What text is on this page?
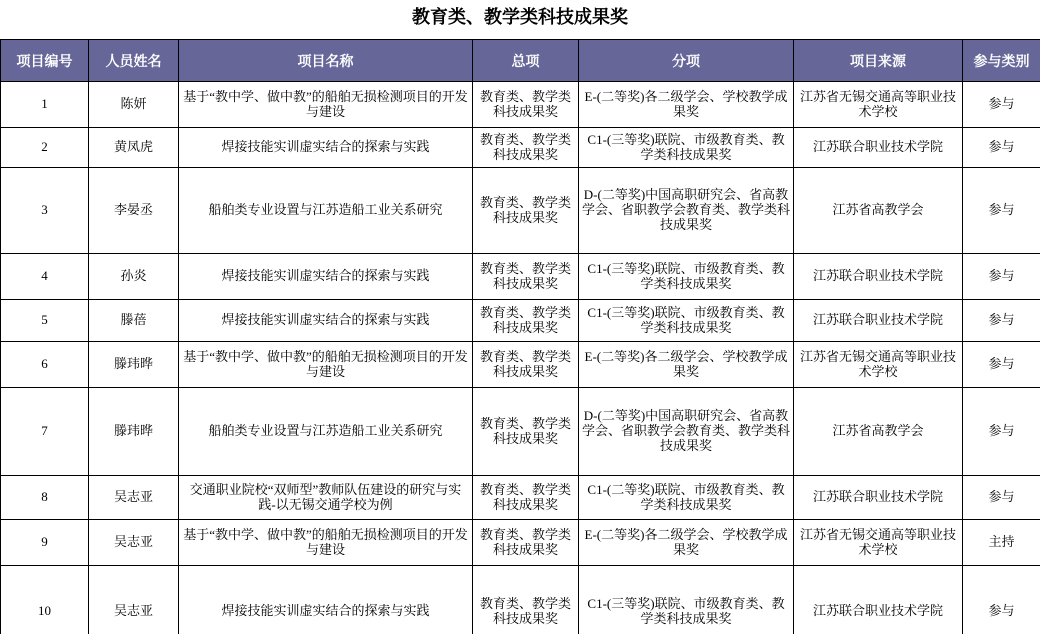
教育类、教学类科技成果奖
项目编号	人员姓名	项目名称	总项	分项	项目来源	参与类别
1	陈妍	基于“教中学、做中教”的船舶无损检测项目的开发与建设	教育类、教学类科技成果奖	E-(二等奖)各二级学会、学校教学成果奖	江苏省无锡交通高等职业技术学校	参与
2	黄凤虎	焊接技能实训虚实结合的探索与实践	教育类、教学类科技成果奖	C1-(三等奖)联院、市级教育类、教学类科技成果奖	江苏联合职业技术学院	参与
3	李晏丞	船舶类专业设置与江苏造船工业关系研究	教育类、教学类科技成果奖	D-(二等奖)中国高职研究会、省高教学会、省职教学会教育类、教学类科技成果奖	江苏省高教学会	参与
4	孙炎	焊接技能实训虚实结合的探索与实践	教育类、教学类科技成果奖	C1-(三等奖)联院、市级教育类、教学类科技成果奖	江苏联合职业技术学院	参与
5	滕蓓	焊接技能实训虚实结合的探索与实践	教育类、教学类科技成果奖	C1-(三等奖)联院、市级教育类、教学类科技成果奖	江苏联合职业技术学院	参与
6	滕玮晔	基于“教中学、做中教”的船舶无损检测项目的开发与建设	教育类、教学类科技成果奖	E-(二等奖)各二级学会、学校教学成果奖	江苏省无锡交通高等职业技术学校	参与
7	滕玮晔	船舶类专业设置与江苏造船工业关系研究	教育类、教学类科技成果奖	D-(二等奖)中国高职研究会、省高教学会、省职教学会教育类、教学类科技成果奖	江苏省高教学会	参与
8	吴志亚	交通职业院校“双师型”教师队伍建设的研究与实践-以无锡交通学校为例	教育类、教学类科技成果奖	C1-(二等奖)联院、市级教育类、教学类科技成果奖	江苏联合职业技术学院	参与
9	吴志亚	基于“教中学、做中教”的船舶无损检测项目的开发与建设	教育类、教学类科技成果奖	E-(二等奖)各二级学会、学校教学成果奖	江苏省无锡交通高等职业技术学校	主持
10	吴志亚	焊接技能实训虚实结合的探索与实践	教育类、教学类科技成果奖	C1-(三等奖)联院、市级教育类、教学类科技成果奖	江苏联合职业技术学院	参与
